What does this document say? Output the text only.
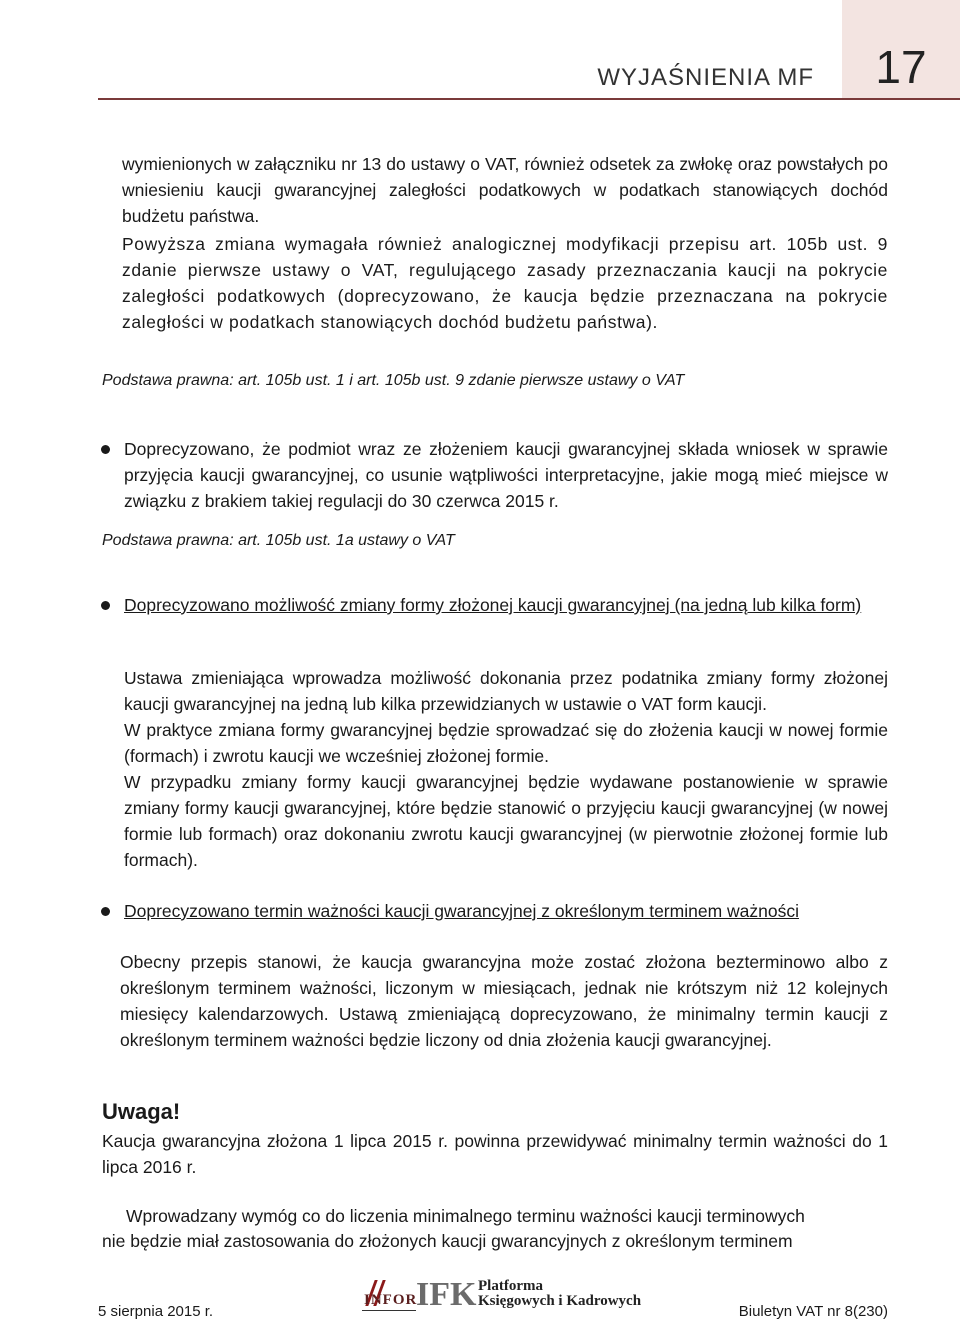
17
WYJAŚNIENIA MF
wymienionych w załączniku nr 13 do ustawy o VAT, również odsetek za zwłokę oraz powstałych po wniesieniu kaucji gwarancyjnej zaległości podatkowych w podatkach stanowiących dochód budżetu państwa.
Powyższa zmiana wymagała również analogicznej modyfikacji przepisu art. 105b ust. 9 zdanie pierwsze ustawy o VAT, regulującego zasady przeznaczania kaucji na pokrycie zaległości podatkowych (doprecyzowano, że kaucja będzie przeznaczana na pokrycie zaległości w podatkach stanowiących dochód budżetu państwa).
Podstawa prawna: art. 105b ust. 1 i art. 105b ust. 9 zdanie pierwsze ustawy o VAT
Doprecyzowano, że podmiot wraz ze złożeniem kaucji gwarancyjnej składa wniosek w sprawie przyjęcia kaucji gwarancyjnej, co usunie wątpliwości interpretacyjne, jakie mogą mieć miejsce w związku z brakiem takiej regulacji do 30 czerwca 2015 r.
Podstawa prawna: art. 105b ust. 1a ustawy o VAT
Doprecyzowano możliwość zmiany formy złożonej kaucji gwarancyjnej (na jedną lub kilka form)
Ustawa zmieniająca wprowadza możliwość dokonania przez podatnika zmiany formy złożonej kaucji gwarancyjnej na jedną lub kilka przewidzianych w ustawie o VAT form kaucji.
W praktyce zmiana formy gwarancyjnej będzie sprowadzać się do złożenia kaucji w nowej formie (formach) i zwrotu kaucji we wcześniej złożonej formie.
W przypadku zmiany formy kaucji gwarancyjnej będzie wydawane postanowienie w sprawie zmiany formy kaucji gwarancyjnej, które będzie stanowić o przyjęciu kaucji gwarancyjnej (w nowej formie lub formach) oraz dokonaniu zwrotu kaucji gwarancyjnej (w pierwotnie złożonej formie lub formach).
Doprecyzowano termin ważności kaucji gwarancyjnej z określonym terminem ważności
Obecny przepis stanowi, że kaucja gwarancyjna może zostać złożona bezterminowo albo z określonym terminem ważności, liczonym w miesiącach, jednak nie krótszym niż 12 kolejnych miesięcy kalendarzowych. Ustawą zmieniającą doprecyzowano, że minimalny termin kaucji z określonym terminem ważności będzie liczony od dnia złożenia kaucji gwarancyjnej.
Uwaga!
Kaucja gwarancyjna złożona 1 lipca 2015 r. powinna przewidywać minimalny termin ważności do 1 lipca 2016 r.
Wprowadzany wymóg co do liczenia minimalnego terminu ważności kaucji terminowych
nie będzie miał zastosowania do złożonych kaucji gwarancyjnych z określonym terminem
5 sierpnia 2015 r.	Biuletyn VAT nr 8(230)
INFOR
IFK Platforma
Księgowych i Kadrowych
